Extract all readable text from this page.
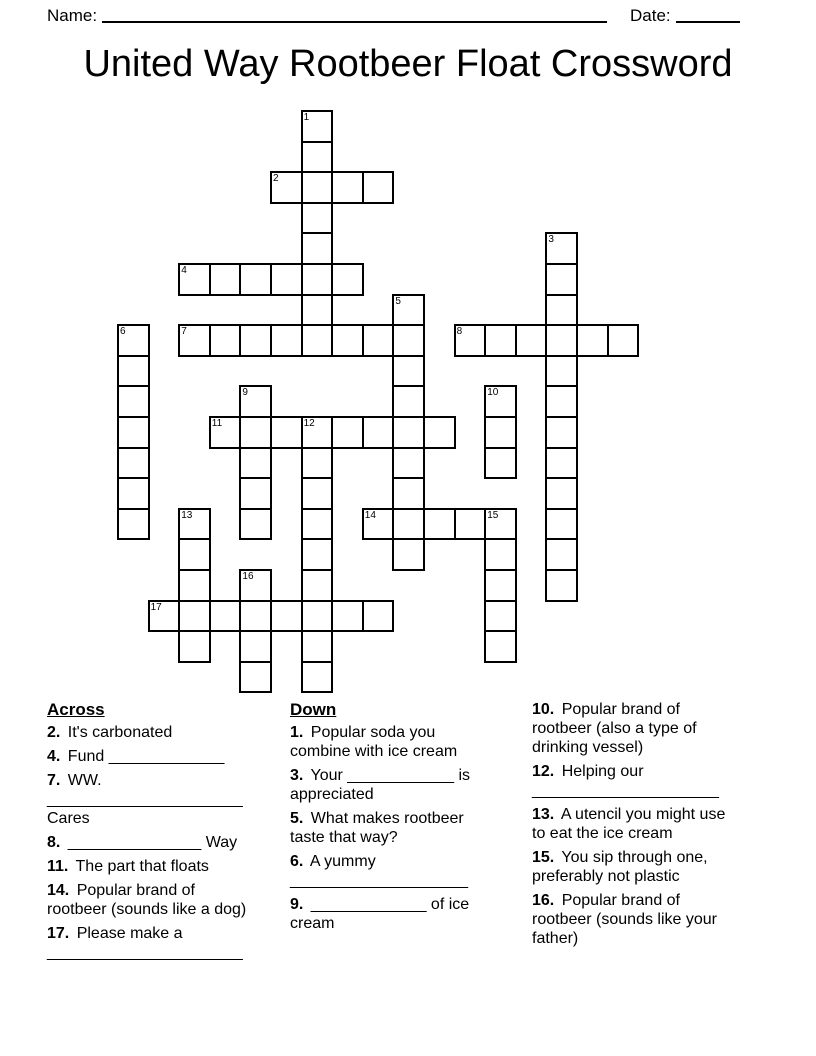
Name:	Date:
United Way Rootbeer Float Crossword
1
2
3
4
5
6	7	8
9	10
11	12
13	14	15
16
17
Across
2. It's carbonated
4. Fund _____________
7. WW. ______________________ Cares
8. _______________ Way
11. The part that floats
14. Popular brand of rootbeer (sounds like a dog)
17. Please make a ______________________
Down
1. Popular soda you combine with ice cream
3. Your ____________ is appreciated
5. What makes rootbeer taste that way?
6. A yummy ____________________
9. _____________ of ice cream
10. Popular brand of rootbeer (also a type of drinking vessel)
12. Helping our _____________________
13. A utencil you might use to eat the ice cream
15. You sip through one, preferably not plastic
16. Popular brand of rootbeer (sounds like your father)
